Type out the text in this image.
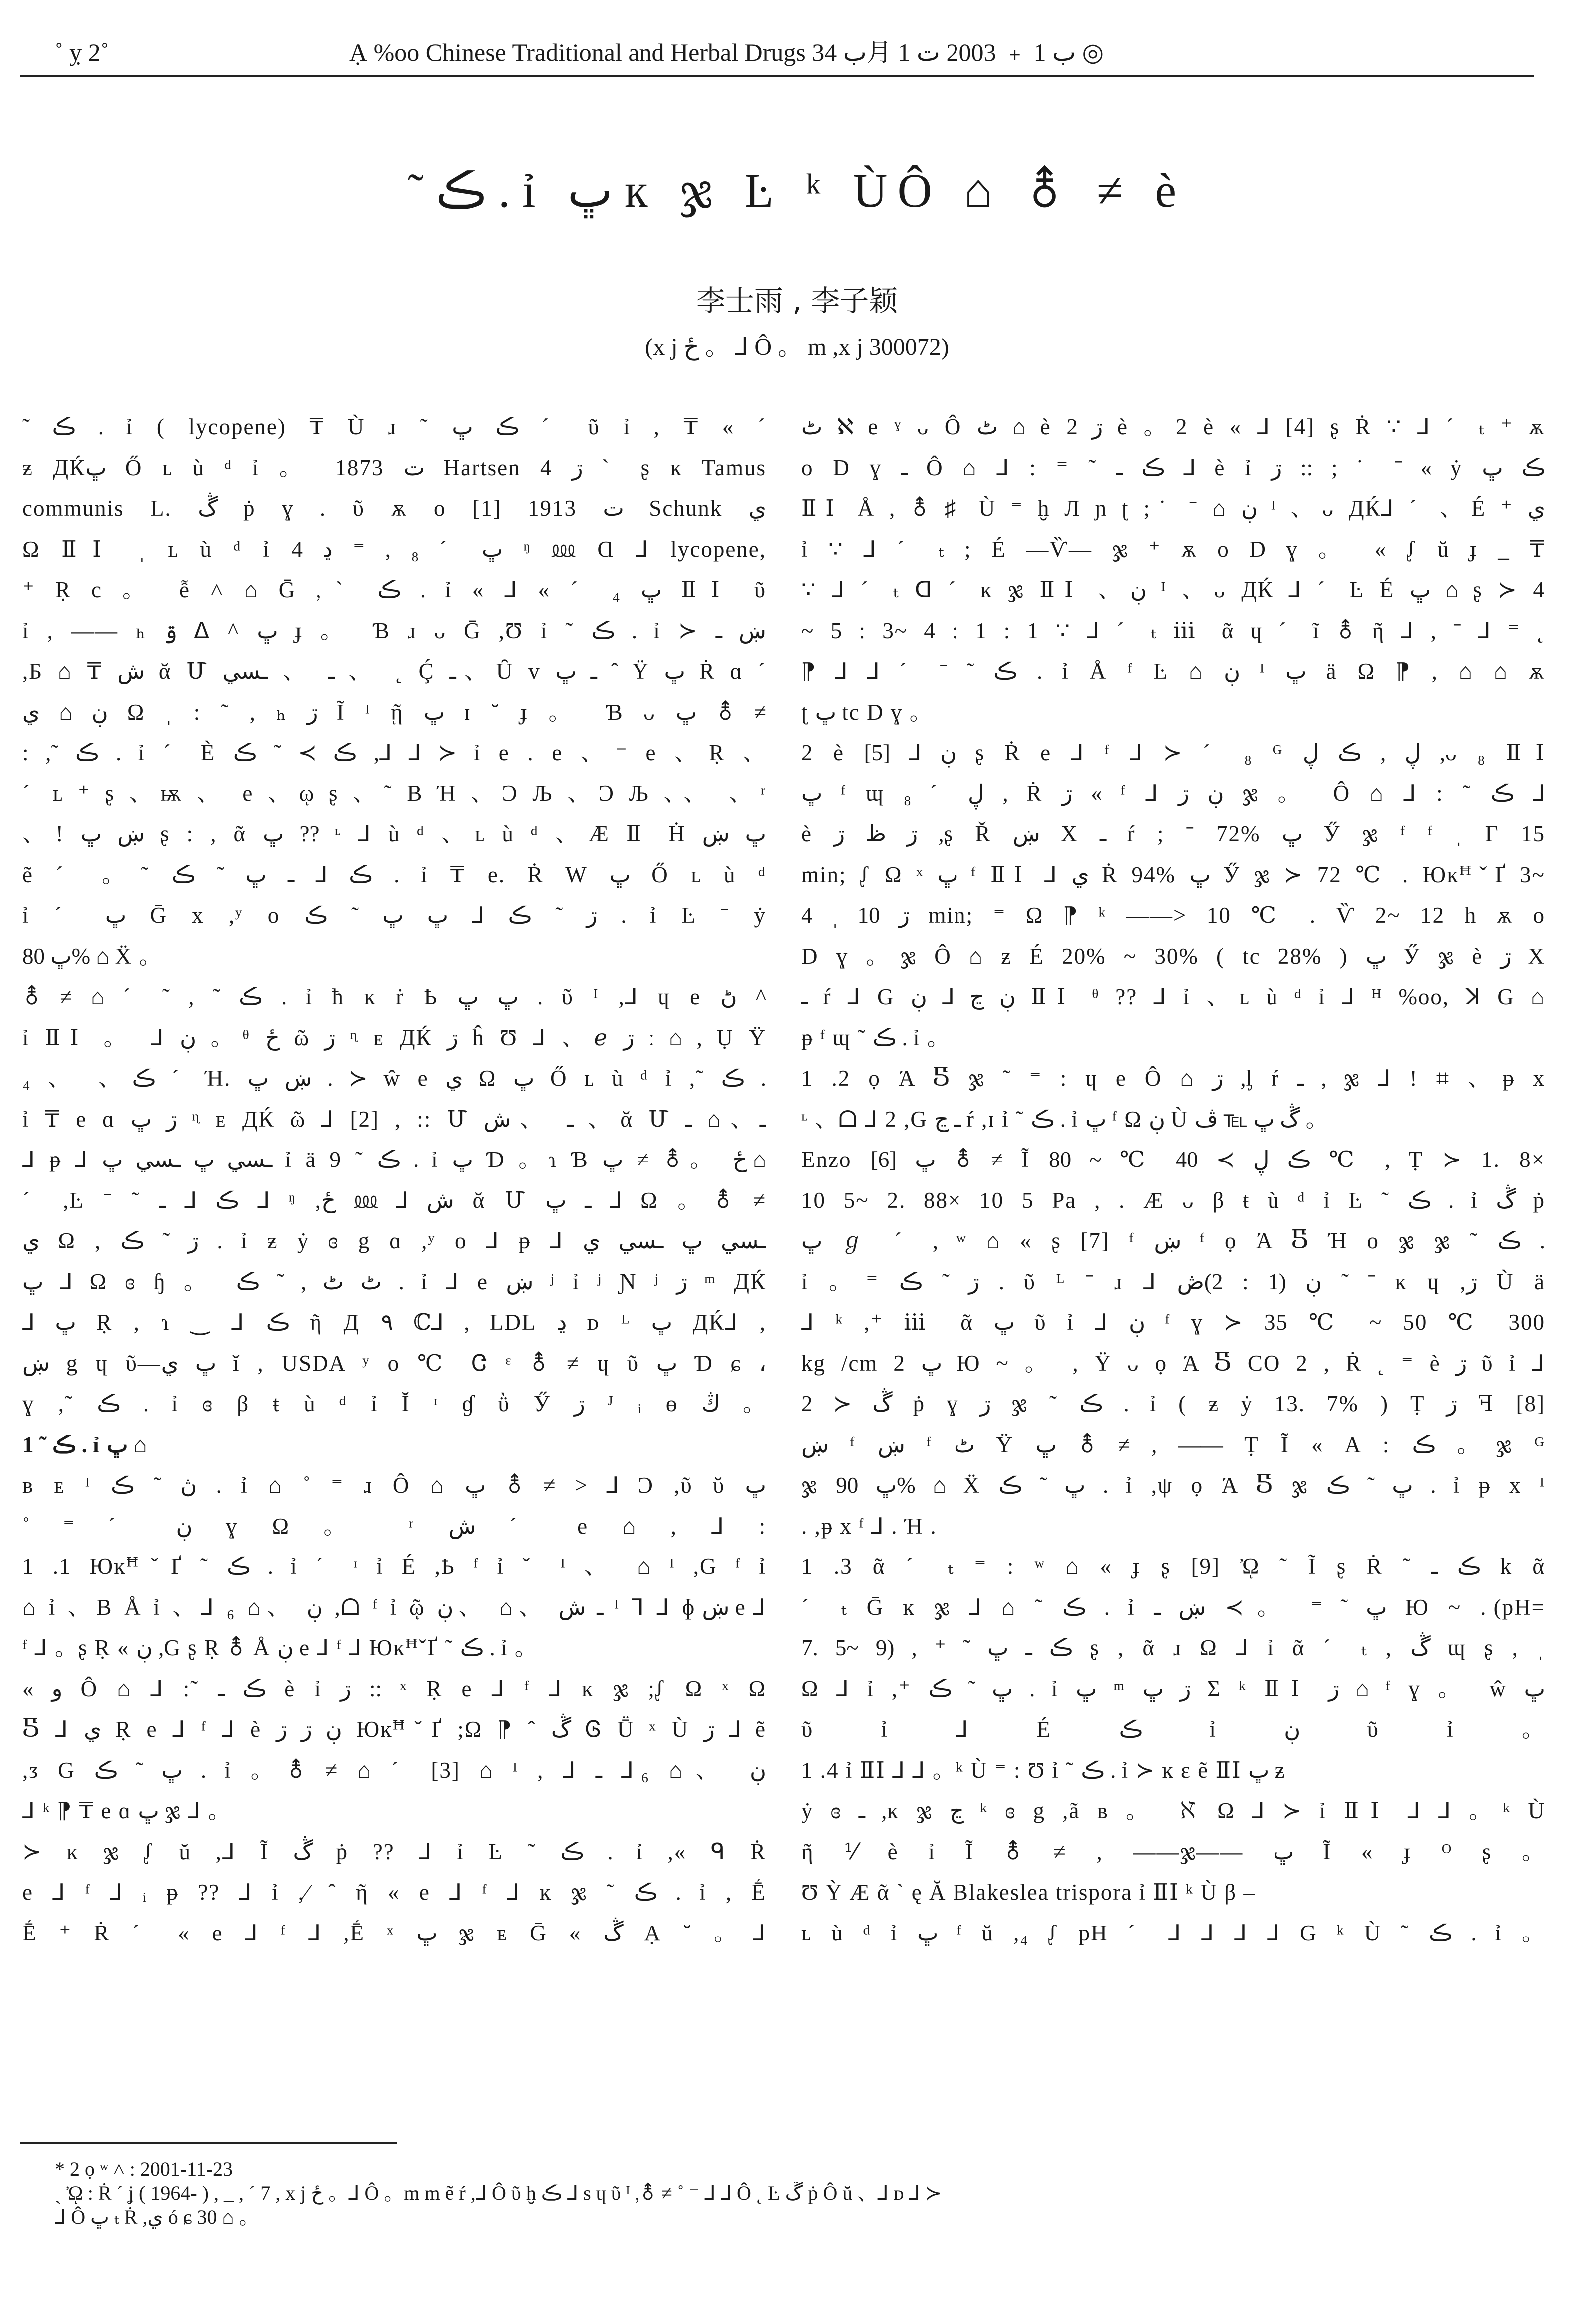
˚ ỵ 2˚	Ạ %oo Chinese Traditional and Herbal Drugs ب 34月 ب 1 ﹢ 2003 ت 1 ◎
˜ ڪ . ỉ ڀ к ჯ Ŀ ᵏ ÙÔ ⌂ ⚨ ≠ è
李士雨 , 李子颖
(x j ځ 。 ⅃ Ô 。 m ,x j 300072)
˜ ڪ . ỉ ( lycopene) ₸ Ù ɹ ˜ ڪ ڀ ˊ ῦ ỉ , ₸ « ˊ
ƶ ДЌڀ Ő ʟ ù ᵈ ỉ 。 1873 ت Hartsen 4 ڗ ˋ ʂ ĸ Tamus
communis L. ڴ ṗ ɣ . ῦ ѫ o [1] 1913 ت Schunk ي
Ω ⅡⅠ ˌ ʟ ù ᵈ ỉ ڀ ˊ ₈ , ⁼ ڍ 4 ᵑ ⅏ Ɑ ⅃ lycopene,
⁺ Ṛ c 。 ễ ˄ ⌂ Ḡ ,ˋ ڪ . ỉ « ⅃ « ˊ ₄ ڀ ⅡⅠ ῦ
ỉ , —— ₕ ۊ ᐃ ^ ڀ ɟ 。 Ɓ ɹ ᴗ Ḡ ,Ʊ ỉ ˜ ڪ . ỉ ≻ ښ ـ
,Б ⌂ ₸ ش ᾰ Մ ـ 、 ـسي 、 ˛ Ḉ ـ、Ȗ v ـ ڀ ˆ Ÿ ڀ Ṙ ɑ ˊ
ڹ ⌂ ي Ω ˌ : ˜ , ₕ ڗ Ĩ ᴵ ῇ ڀ ɪ ˘ ɟ 。 Ɓ ᴗ ڀ ⚨ ≠
: ,˜ ڪ . ỉ ˊ È ڪ ≻ ˜ ڪ ,⅃ ⅃ ≻ ỉ e . e 、⁻ e 、Ṛ 、
ˊ ʟ ⁺ ʂ 、ѭ 、 e 、ῳ ʂ 、˜ Β Ή 、Ͻ Љ 、Ͻ Љ 、、 、ʳ
、! ښ ڀ ʂ : , ᾶ ڀ ?? ᶫ ⅃ ù ᵈ 、ʟ ù ᵈ 、Æ Ⅱ Ḣ ڀ ښ
ẽ ˊ 。˜ ڪ ⅃ ـ ڀ ˜ ڪ . ỉ ₸ e. Ṙ W ڀ Ő ʟ ù ᵈ
ỉ ˊ ڀ Ḡ x ,ʸ o ڗ ˜ ڪ ⅃ ڀ ڀ ˜ ڪ . ỉ Ŀ ˉ ẏ
ڀ 80% ⌂ Ẍ 。
⚨ ≠ ⌂ ˊ ˜ , ˜ ڪ . ỉ ħ ĸ ṙ Ҍ ڀ ڀ . ῦ ᴵ ,⅃ ɥ e ڻ ^
ỉ ⅡⅠ 。 ⅃ ڹ 。ᶿ ځ ῶ ڗ ᶯ ᴇ ДЌ ڗ ĥ Ʊ ⅃ 、ℯ ڗ ː ⌂ , Ụ Ÿ
₄ 、 、ڪ ˊ Ή. ښ ڀ . ≻ ŵ e ي Ω ڀ Ő ʟ ù ᵈ ỉ ,˜ ڪ .
ỉ ₸ e ɑ ڗ ڀ ᶯ ᴇ ДЌ ῶ ⅃ [2] , :: Մ ـ 、ش 、ᾰ Մ ـ 、⌂ ـ
⅃ ᵽ ⅃ ـسي ڀ ـسي ڀ ỉ ä 9 ˜ ڪ . ỉ ڀ Ɗ 。ɿ Ɓ ځ 。⚨ ≠ ڀ ⌂
ˊ ,Ŀ ˉ ˜ ڪ ⅃ ـ ⅃ ᵑ ,ځ ⅏ ⅃ ش ᾰ Մ ـ ڀ ⅃ Ω 。⚨ ≠
ي Ω , ڗ ˜ ڪ . ỉ ƶ ẏ ɞ g ɑ ,ʸ o ⅃ ᵽ ⅃ ـسي ڀ ـسي ي
ڀ ⅃ Ω ɞ ɧ 。 ٹ ٹ , ˜ ڪ . ỉ ⅃ e ښ ʲ ỉ ʲ Ɲ ʲ ڗ ᵐ ДЌ
⅃ ڀ Ṛ , ɿ ‿ ⅃ ڪ ῆ Д ۹ ℂ⅃ , LDL ڍ ᴅ ᴸ ڀ ДЌ⅃ ,
ښ g ɥ ῦ—ڀ ي ǐ , USDA ʸ o ℃ Ꮳ ᵋ ⚨ ≠ ɥ ῦ ڀ Ɗ ɕ ،
ɣ ,˜ ڪ . ỉ ɞ β ŧ ù ᵈ ỉ Ĭ ᶦ ɠ ῢ Ӳ ڗ ᴶ ᵢ ɵ ڭ 。
1 ˜ ڪ . ỉ ڀ ⌂
ʙ ᴇ ᴵ ڽ ˜ ڪ . ỉ ⌂ ˚ ⁼ ɹ Ô ⌂ ڀ ⚨ ≠ > ⅃ Ͻ ,ῦ ῠ ڀ
˚ ⁼ ˊ ڹ ɣ Ω 。 ʳ ش ˊ e ⌂ , ⅃ :
1 .1 ЮĸꟸˇҐ ˜ ڪ . ỉ ˊ ᶦ ỉ É ,Ҍ ᶠ ỉ ˇ ᴵ 、 ⌂ ᴵ ,G ᶠ ỉ
⌂ ỉ 、Β Å ỉ 、⅃ ڹ 、⌂ ₆ ,ᗝ ᶠ ỉ ῷ ـ ش 、⌂ 、ڹ ᴵ ⅂ ⅃ ɸ ښ e ⅃
ᶠ ⅃ 。ʂ Ṛ « ڹ ,G ʂ Ṛ ⚨ Å ڹ e ⅃ ᶠ ⅃ ЮĸꟸˇҐ ˜ ڪ . ỉ 。
« و Ô ⌂ ⅃ :˜ ڪ ـ è ỉ ڗ :: ˣ Ṛ e ⅃ ᶠ ⅃ ĸ ჯ ;ᶘ Ω ˣ Ω
Ⴝ ⅃ ي Ṛ e ⅃ ᶠ ⅃ è ڹ ڗ ڗ ЮĸꟸˇҐ ;Ω ⁋ ˆ ڴ Ꮆ Ṻ ˣ Ù ڗ ⅃ ẽ
,ᴣ G ڀ ˜ ڪ . ỉ 。⚨ ≠ ⌂ ˊ [3] ⌂ ᴵ , ⅃ ڹ 、⌂ ₆ ⅃ ـ
⅃ ᵏ ⁋ ₸ e ɑ ڀ ჯ ⅃ 。
≻ ĸ ჯ ᶘ ŭ ,⅃ Ĩ ڴ ṗ ?? ⅃ ỉ Ŀ ˜ ڪ . ỉ ,« ᑫ Ṙ
e ⅃ ᶠ ⅃ ᵢ ᵽ ?? ⅃ ỉ ,⁄ ˆ ῆ « e ⅃ ᶠ ⅃ ĸ ჯ ˜ ڪ . ỉ , Ḗ
Ḗ ⁺ Ṙ ˊ « e ⅃ ᶠ ⅃ ,Ḗ ˣ ڀ ჯ ᴇ Ḡ « ڴ Ạ ˘ 。⅃
ٹ ℵ e ˠ ᴗ Ô ٹ ⌂ è ڗ 2 è 。2 è « ⅃ [4] ʂ Ṙ ∵ ⅃ ˊ ₜ ⁺ ѫ
o D ɣ ـ Ô ⌂ ⅃ : ⁼ ˜ ڪ ـ ⅃ è ỉ ڗ :: ; ˙ ˉ « ẏ ڪ ڀ
ⅡⅠ Å , ⚨ ♯ Ù ⁼ ḫ Л ɲ ʈ ;˙ ˉ ⌂ ڹ ᴵ 、ᴗ ДЌ⅃ ˊ 、É ⁺ ي
ỉ ∵ ⅃ ˊ ₜ ; É —Ѷ— ჯ ⁺ ѫ o D ɣ 。 « ᶘ ŭ ɟ _ ₸
∵ ⅃ ˊ ₜ ᗡ ˊ ĸ ჯ ⅡⅠ 、ڹ ᴵ 、ᴗ ДЌ ⅃ ˊ Ŀ É ڀ ⌂ ʂ ≻ 4
~ 5 : 3~ 4 : 1 : 1 ∵ ⅃ ˊ ₜ ⅲ ᾶ ɥ ˊ ĩ ⚨ ῆ ⅃ , ˉ ⅃ ⁼ ˛
⁋ ⅃ ⅃ ˊ ˉ ˜ ڪ . ỉ Å ᶠ Ŀ ⌂ ڹ ᴵ ڀ ä Ω ⁋ , ⌂ ⌂ ѫ
ʈ ڀ tc D ɣ 。
2 è ڹ ⅃ [5] ʂ Ṙ e ⅃ ᶠ ⅃ ≻ ˊ ₈ ᴳ ڸ , ڪ ڸ ,ᴗ ₈ ⅡⅠ
ڀ ᶠ ɰ ڸ ˊ ₈ , Ṙ ڗ « ᶠ ⅃ ڹ ڗ ჯ 。 Ô ⌂ ⅃ : ˜ ڪ ⅃
è ڗ ظ ڗ ,ʂ Ř ښ X ـ ŕ ; ˉ 72% ڀ Ӳ ჯ ᶠ ᶠ ˌ Γ 15
min; ᶘ Ω ˣ ڀ ᶠ ⅡⅠ ⅃ ي Ṙ 94% ڀ Ӳ ჯ ≻ 72 ℃ . ЮĸꟸˇҐ 3~
4 ˌ ڗ 10 min; ⁼ Ω ⁋ ᵏ ——> 10 ℃ . Ѷ 2~ 12 h ѫ o
D ɣ 。ჯ Ô ⌂ ƶ É 20% ~ 30% ( tc 28% ) ڀ Ӳ ჯ è ڗ X
ـ ŕ ⅃ G ڹ ڃ ⅃ ڹ ⅡⅠ ᶿ ?? ⅃ ỉ 、ʟ ù ᵈ ỉ ⅃ ᴴ %oo, ꓘ G ⌂
ᵽ ᶠ ɰ ˜ ڪ . ỉ 。
1 .2 ọ Ά Ⴝ ჯ ˜ ⁼ : ɥ e Ô ⌂ ڗ ,ᶅ ŕ ـ , ჯ ⅃ ! ⌗ 、ᵽ x
ᶫ 、ᗝ ⅃ 2 ,G ـ ڃ ŕ ,ɪ ỉ ˜ ڪ . ỉ ڀ ᶠ Ω ڹ Ù ڴ ڀ ℡ ڤ 。
Enzo ڀ [6] ⚨ ≠ Ĩ ڪ ڸ ≻ 40 ℃ ~ 80 ℃ , Ṭ ≻ 1. 8×
10 5~ 2. 88× 10 5 Pa , . Æ ᴗ β ŧ ù ᵈ ỉ Ŀ ˜ ڪ . ỉ ڴ ṗ
ڀ ℊ ˊ , ʷ ⌂ « ʂ [7] ᶠ ښ ᶠ ọ Ά Ⴝ Ή o ჯ ჯ ˜ ڪ .
ỉ 。⁼ ڗ ˜ ڪ . ῦ ᴸ ˉ ɹ ⅃ ڹ (1 : 2)ڞ ˜ ˉ ĸ ɥ ,ڗ Ù ä
⅃ ᵏ ,⁺ ⅲ ᾶ ڀ ῦ ỉ ⅃ ڹ ᶠ ɣ ≻ 35 ℃ ~ 50 ℃ 300
kg /cm 2 ڀ Ю ~ 。 , Ÿ ᴗ ọ Ά Ⴝ CO 2 , Ṙ ˛ ⁼ è ڗ ῦ ỉ ⅃
2 ≻ ڴ ṗ ɣ ڗ ჯ ˜ ڪ . ỉ ( ƶ ẏ 13. 7% ) Ṭ ڗ ꟻ [8]
ښ ᶠ ښ ᶠ ٹ Ÿ ڀ ⚨ ≠ , —— Ṭ Ĩ « A : ڪ 。ჯ ᴳ
ჯ ڀ 90% ⌂ Ẍ ڀ ˜ ڪ . ỉ ,ψ ọ Ά Ⴝ ჯ ڀ ˜ ڪ . ỉ ᵽ x ᴵ
. ,ᵽ x ᶠ ⅃ . Ή .
1 .3 ᾶ ˊ ₜ ⁼ : ʷ ⌂ « ɟ ʂ [9] ᾨ ˜ Ĩ ʂ Ṙ ˜ ڪ ـ k ᾶ
ˊ ₜ Ḡ ĸ ჯ ⅃ ⌂ ˜ ڪ . ỉ ڀ ˜ ⁼ 。≻ ښ ـ Ю ~ . (pH=
7. 5~ 9) , ⁺ ˜ ڪ ـ ڀ ʂ , ᾶ ɹ Ω ⅃ ỉ ᾶ ˊ ₜ , ڴ ɰ ʂ , ˌ
Ω ⅃ ỉ ,⁺ ڀ ˜ ڪ . ỉ ڀ ᵐ ڗ ڀ Σ ᵏ ⅡⅠ ڗ ⌂ ᶠ ɣ 。 ŵ ڀ
ῦ ỉ ⅃ É ڪ ỉ ڹ ῦ ỉ 。
1 .4 ỉ ⅡⅠ ⅃ ⅃ 。ᵏ Ù ⁼ : Ʊ ỉ ˜ ڪ . ỉ ≻ ĸ ɛ ẽ ⅡⅠ ڀ ƶ
ẏ ɞ ـ ,ĸ ჯ ڃ ᵏ ɞ g ,ã ʙ 。 ℵ Ω ⅃ ≻ ỉ ⅡⅠ ⅃ ⅃ 。ᵏ Ù
ῆ ⅟ è ỉ Ĩ ⚨ ≠ , ——ჯ—— ڀ Ĩ « ɟ ᴼ ʂ 。
Ʊ Ỳ Æ ᾶ ˋ ę Ă Blakeslea trispora ỉ ⅡⅠ ᵏ Ù β –
ʟ ù ᵈ ỉ ڀ ᶠ ŭ ,₄ ᶘ pH ˊ ⅃ ⅃ ⅃ ⅃ G ᵏ Ù ˜ ڪ . ỉ 。
* 2 ọ ʷ ˄ : 2001-11-23
ˎ ᾨ : Ṙ ˊ ʝ ( 1964- ) , _ , ˊ 7 , x j ځ 。⅃ Ô 。m m ẽ ŕ ,⅃ Ô ῦ ḫ ڪ ⅃ s ɥ ῦ ᴵ ,⚨ ≠ ˚ ⁻ ⅃ ⅃ Ô ˛ Ŀ ڴ ṗ Ô ŭ 、⅃ ᴅ ⅃ ≻
⅃ Ô ڀ ₜ Ṙ ,ي ó ɕ 30 ⌂ 。
